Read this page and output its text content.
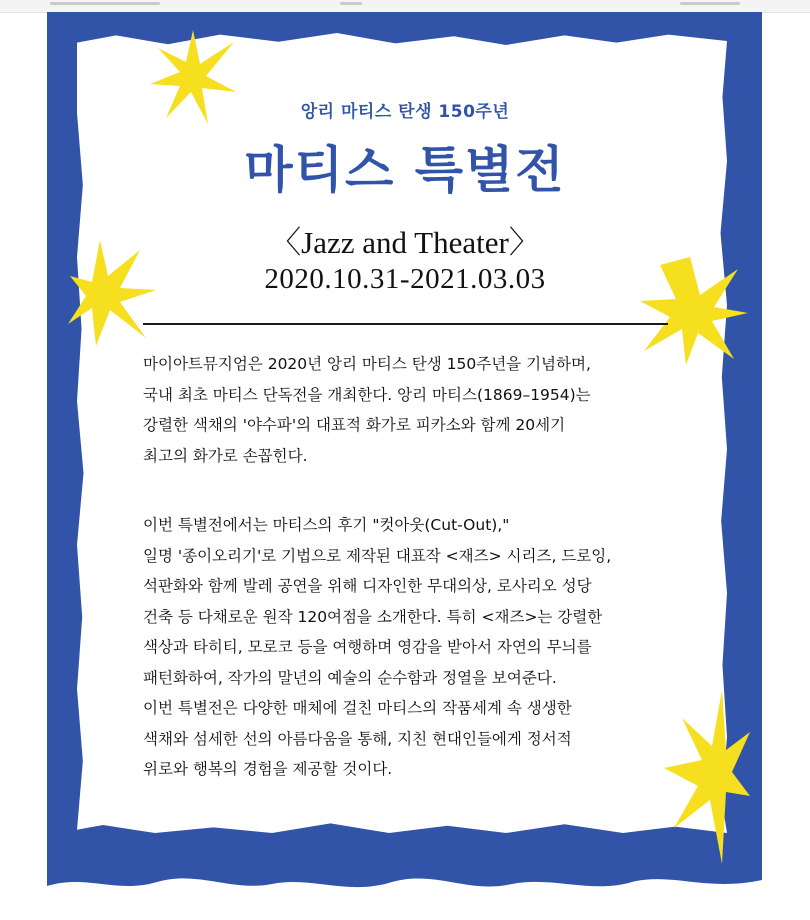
앙리 마티스 탄생 150주년
마티스 특별전
〈Jazz and Theater〉
2020.10.31-2021.03.03

마이아트뮤지엄은 2020년 앙리 마티스 탄생 150주년을 기념하며,
국내 최초 마티스 단독전을 개최한다. 앙리 마티스(1869–1954)는
강렬한 색채의 '야수파'의 대표적 화가로 피카소와 함께 20세기
최고의 화가로 손꼽힌다.

이번 특별전에서는 마티스의 후기 "컷아웃(Cut-Out),"
일명 '종이오리기'로 기법으로 제작된 대표작 <재즈> 시리즈, 드로잉,
석판화와 함께 발레 공연을 위해 디자인한 무대의상, 로사리오 성당
건축 등 다채로운 원작 120여점을 소개한다. 특히 <재즈>는 강렬한
색상과 타히티, 모로코 등을 여행하며 영감을 받아서 자연의 무늬를
패턴화하여, 작가의 말년의 예술의 순수함과 정열을 보여준다.
이번 특별전은 다양한 매체에 걸친 마티스의 작품세계 속 생생한
색채와 섬세한 선의 아름다움을 통해, 지친 현대인들에게 정서적
위로와 행복의 경험을 제공할 것이다.
